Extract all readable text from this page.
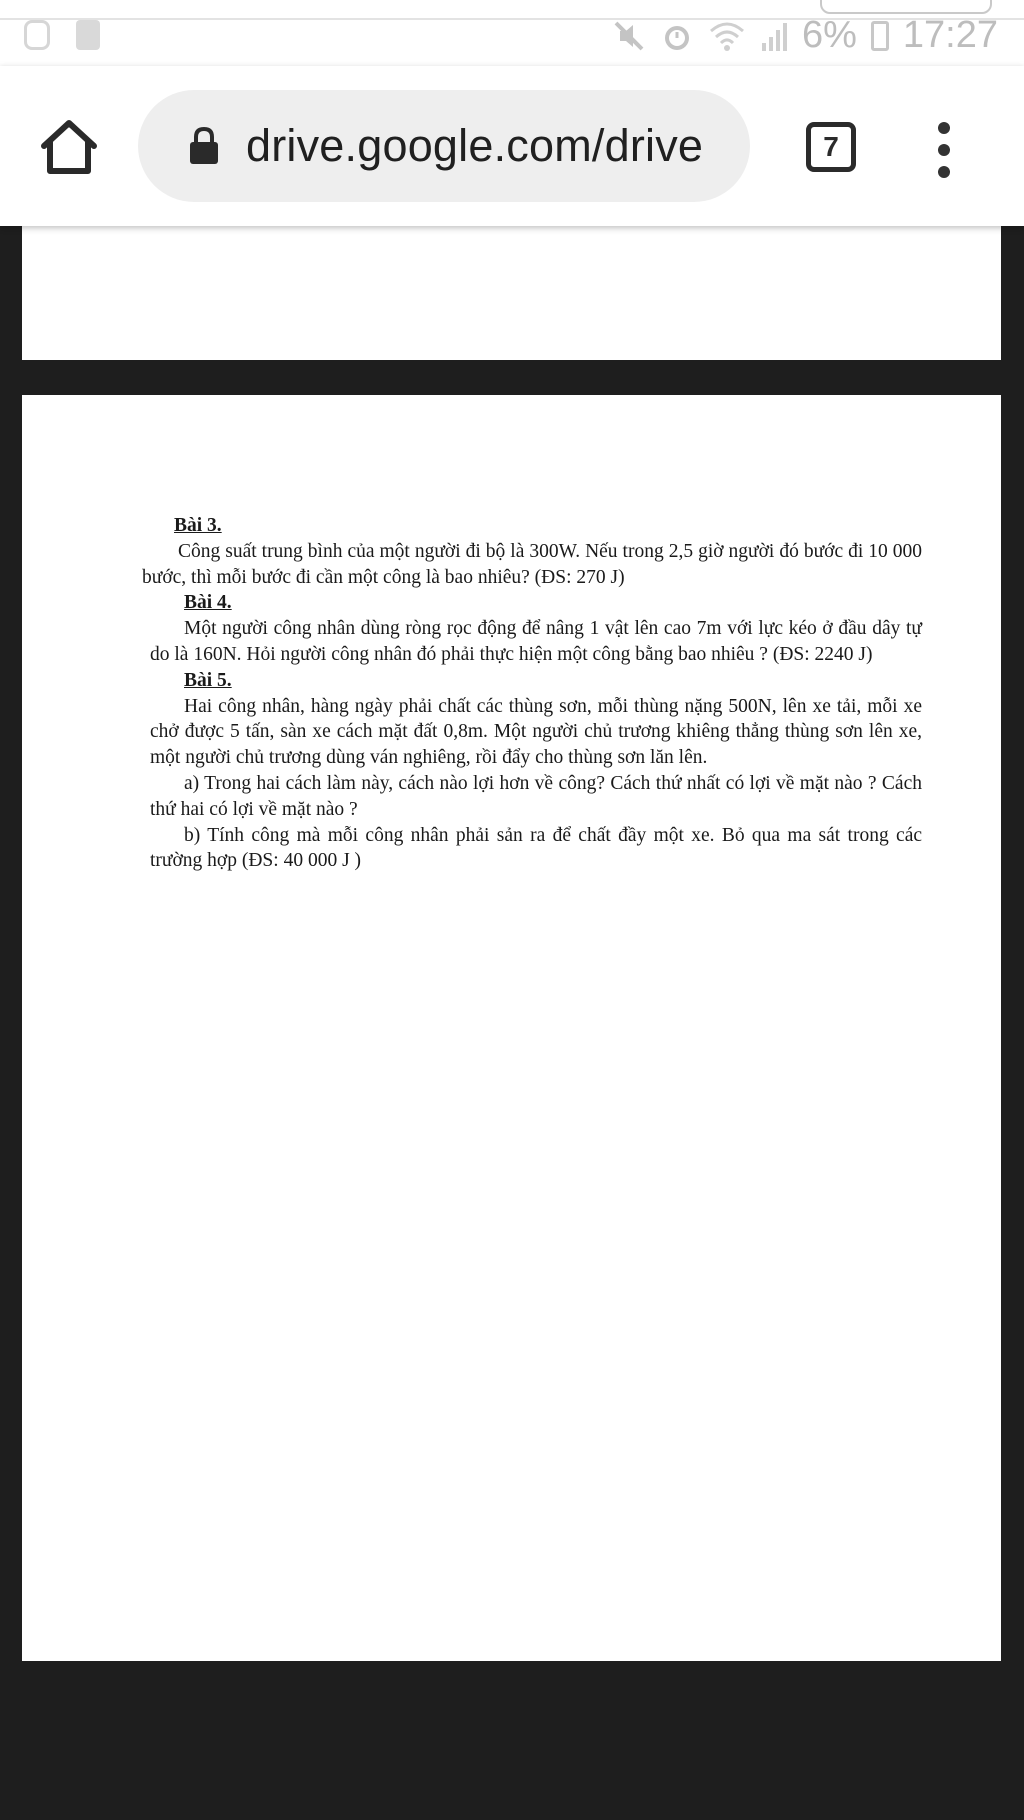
6% 17:27
drive.google.com/drive	7
Bài 3.

Công suất trung bình của một người đi bộ là 300W. Nếu trong 2,5 giờ người đó bước đi 10 000 bước, thì mỗi bước đi cần một công là bao nhiêu? (ĐS: 270 J)

Bài 4.

Một người công nhân dùng ròng rọc động để nâng 1 vật lên cao 7m với lực kéo ở đầu dây tự do là 160N. Hỏi người công nhân đó phải thực hiện một công bằng bao nhiêu ? (ĐS: 2240 J)

Bài 5.

Hai công nhân, hàng ngày phải chất các thùng sơn, mỗi thùng nặng 500N, lên xe tải, mỗi xe chở được 5 tấn, sàn xe cách mặt đất 0,8m. Một người chủ trương khiêng thẳng thùng sơn lên xe, một người chủ trương dùng ván nghiêng, rồi đẩy cho thùng sơn lăn lên.

a) Trong hai cách làm này, cách nào lợi hơn về công? Cách thứ nhất có lợi về mặt nào ? Cách thứ hai có lợi về mặt nào ?

b) Tính công mà mỗi công nhân phải sản ra để chất đầy một xe. Bỏ qua ma sát trong các trường hợp (ĐS: 40 000 J )
